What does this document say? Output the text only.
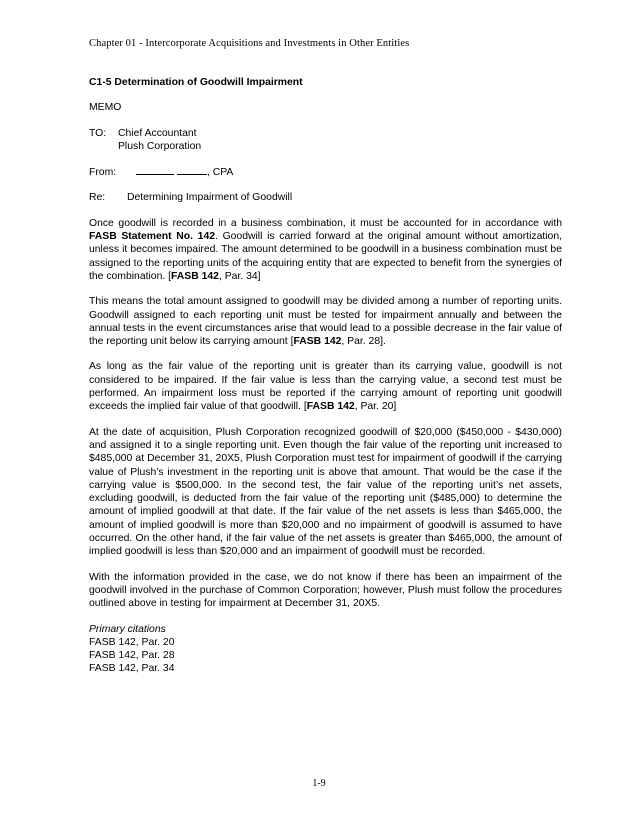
Chapter 01 - Intercorporate Acquisitions and Investments in Other Entities

C1-5 Determination of Goodwill Impairment

MEMO

TO: Chief Accountant

Plush Corporation

From:	, CPA

Re: Determining Impairment of Goodwill

Once goodwill is recorded in a business combination, it must be accounted for in accordance with FASB Statement No. 142. Goodwill is carried forward at the original amount without amortization, unless it becomes impaired. The amount determined to be goodwill in a business combination must be assigned to the reporting units of the acquiring entity that are expected to benefit from the synergies of the combination. [FASB 142, Par. 34]

This means the total amount assigned to goodwill may be divided among a number of reporting units. Goodwill assigned to each reporting unit must be tested for impairment annually and between the annual tests in the event circumstances arise that would lead to a possible decrease in the fair value of the reporting unit below its carrying amount [FASB 142, Par. 28].

As long as the fair value of the reporting unit is greater than its carrying value, goodwill is not considered to be impaired. If the fair value is less than the carrying value, a second test must be performed. An impairment loss must be reported if the carrying amount of reporting unit goodwill exceeds the implied fair value of that goodwill. [FASB 142, Par. 20]

At the date of acquisition, Plush Corporation recognized goodwill of $20,000 ($450,000 - $430,000) and assigned it to a single reporting unit. Even though the fair value of the reporting unit increased to $485,000 at December 31, 20X5, Plush Corporation must test for impairment of goodwill if the carrying value of Plush’s investment in the reporting unit is above that amount. That would be the case if the carrying value is $500,000. In the second test, the fair value of the reporting unit’s net assets, excluding goodwill, is deducted from the fair value of the reporting unit ($485,000) to determine the amount of implied goodwill at that date. If the fair value of the net assets is less than $465,000, the amount of implied goodwill is more than $20,000 and no impairment of goodwill is assumed to have occurred. On the other hand, if the fair value of the net assets is greater than $465,000, the amount of implied goodwill is less than $20,000 and an impairment of goodwill must be recorded.

With the information provided in the case, we do not know if there has been an impairment of the goodwill involved in the purchase of Common Corporation; however, Plush must follow the procedures outlined above in testing for impairment at December 31, 20X5.

Primary citations

FASB 142, Par. 20

FASB 142, Par. 28

FASB 142, Par. 34

1-9
